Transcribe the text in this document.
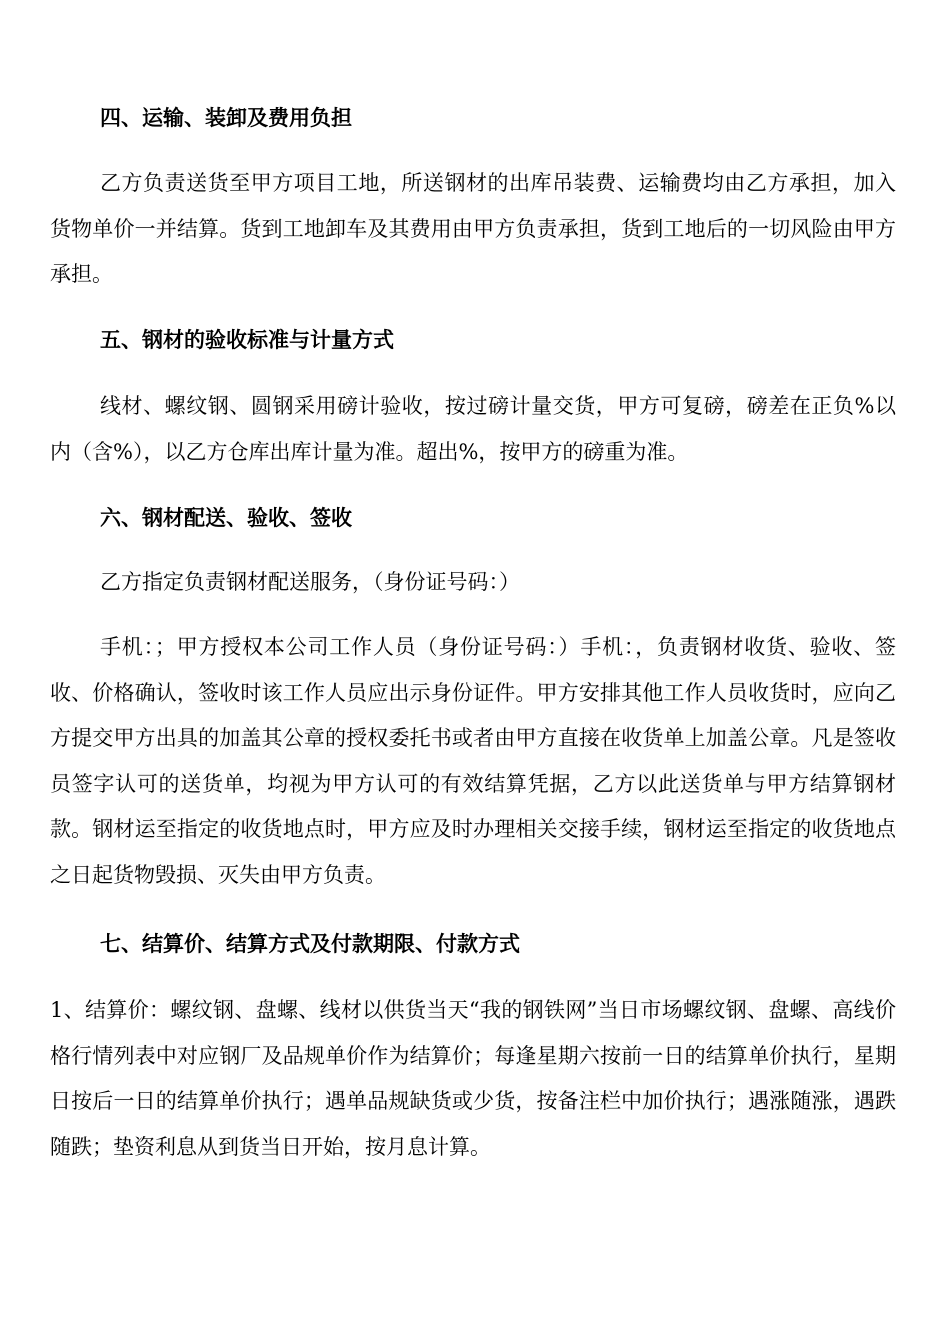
四、运输、装卸及费用负担
乙方负责送货至甲方项目工地，所送钢材的出库吊装费、运输费均由乙方承担，加入货物单价一并结算。货到工地卸车及其费用由甲方负责承担，货到工地后的一切风险由甲方承担。
五、钢材的验收标准与计量方式
线材、螺纹钢、圆钢采用磅计验收，按过磅计量交货，甲方可复磅，磅差在正负%以内（含%），以乙方仓库出库计量为准。超出%，按甲方的磅重为准。
六、钢材配送、验收、签收
乙方指定负责钢材配送服务，（身份证号码：）
手机：；甲方授权本公司工作人员（身份证号码：）手机：，负责钢材收货、验收、签收、价格确认，签收时该工作人员应出示身份证件。甲方安排其他工作人员收货时，应向乙方提交甲方出具的加盖其公章的授权委托书或者由甲方直接在收货单上加盖公章。凡是签收员签字认可的送货单，均视为甲方认可的有效结算凭据，乙方以此送货单与甲方结算钢材款。钢材运至指定的收货地点时，甲方应及时办理相关交接手续，钢材运至指定的收货地点之日起货物毁损、灭失由甲方负责。
七、结算价、结算方式及付款期限、付款方式
1、结算价：螺纹钢、盘螺、线材以供货当天“我的钢铁网”当日市场螺纹钢、盘螺、高线价格行情列表中对应钢厂及品规单价作为结算价；每逢星期六按前一日的结算单价执行，星期日按后一日的结算单价执行；遇单品规缺货或少货，按备注栏中加价执行；遇涨随涨，遇跌随跌；垫资利息从到货当日开始，按月息计算。
